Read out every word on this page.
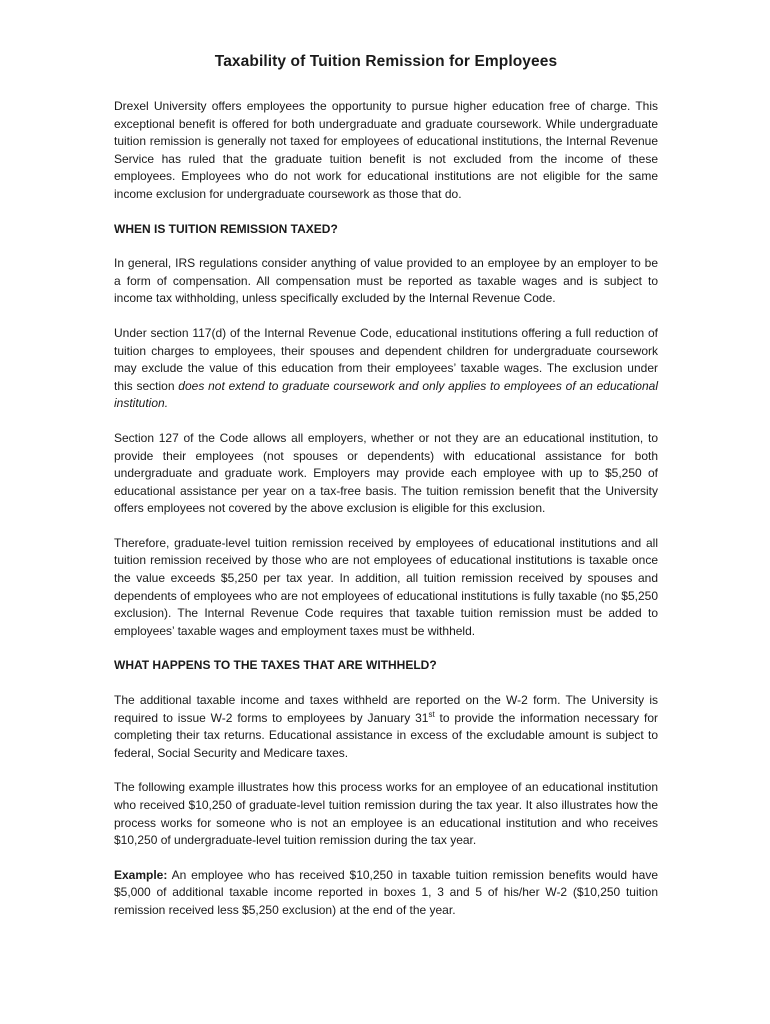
Taxability of Tuition Remission for Employees

Drexel University offers employees the opportunity to pursue higher education free of charge. This exceptional benefit is offered for both undergraduate and graduate coursework. While undergraduate tuition remission is generally not taxed for employees of educational institutions, the Internal Revenue Service has ruled that the graduate tuition benefit is not excluded from the income of these employees. Employees who do not work for educational institutions are not eligible for the same income exclusion for undergraduate coursework as those that do.

WHEN IS TUITION REMISSION TAXED?

In general, IRS regulations consider anything of value provided to an employee by an employer to be a form of compensation. All compensation must be reported as taxable wages and is subject to income tax withholding, unless specifically excluded by the Internal Revenue Code.

Under section 117(d) of the Internal Revenue Code, educational institutions offering a full reduction of tuition charges to employees, their spouses and dependent children for undergraduate coursework may exclude the value of this education from their employees’ taxable wages. The exclusion under this section does not extend to graduate coursework and only applies to employees of an educational institution.

Section 127 of the Code allows all employers, whether or not they are an educational institution, to provide their employees (not spouses or dependents) with educational assistance for both undergraduate and graduate work. Employers may provide each employee with up to $5,250 of educational assistance per year on a tax-free basis. The tuition remission benefit that the University offers employees not covered by the above exclusion is eligible for this exclusion.

Therefore, graduate-level tuition remission received by employees of educational institutions and all tuition remission received by those who are not employees of educational institutions is taxable once the value exceeds $5,250 per tax year. In addition, all tuition remission received by spouses and dependents of employees who are not employees of educational institutions is fully taxable (no $5,250 exclusion). The Internal Revenue Code requires that taxable tuition remission must be added to employees’ taxable wages and employment taxes must be withheld.

WHAT HAPPENS TO THE TAXES THAT ARE WITHHELD?

The additional taxable income and taxes withheld are reported on the W-2 form. The University is required to issue W-2 forms to employees by January 31st to provide the information necessary for completing their tax returns. Educational assistance in excess of the excludable amount is subject to federal, Social Security and Medicare taxes.

The following example illustrates how this process works for an employee of an educational institution who received $10,250 of graduate-level tuition remission during the tax year. It also illustrates how the process works for someone who is not an employee is an educational institution and who receives $10,250 of undergraduate-level tuition remission during the tax year.

Example: An employee who has received $10,250 in taxable tuition remission benefits would have $5,000 of additional taxable income reported in boxes 1, 3 and 5 of his/her W-2 ($10,250 tuition remission received less $5,250 exclusion) at the end of the year.
